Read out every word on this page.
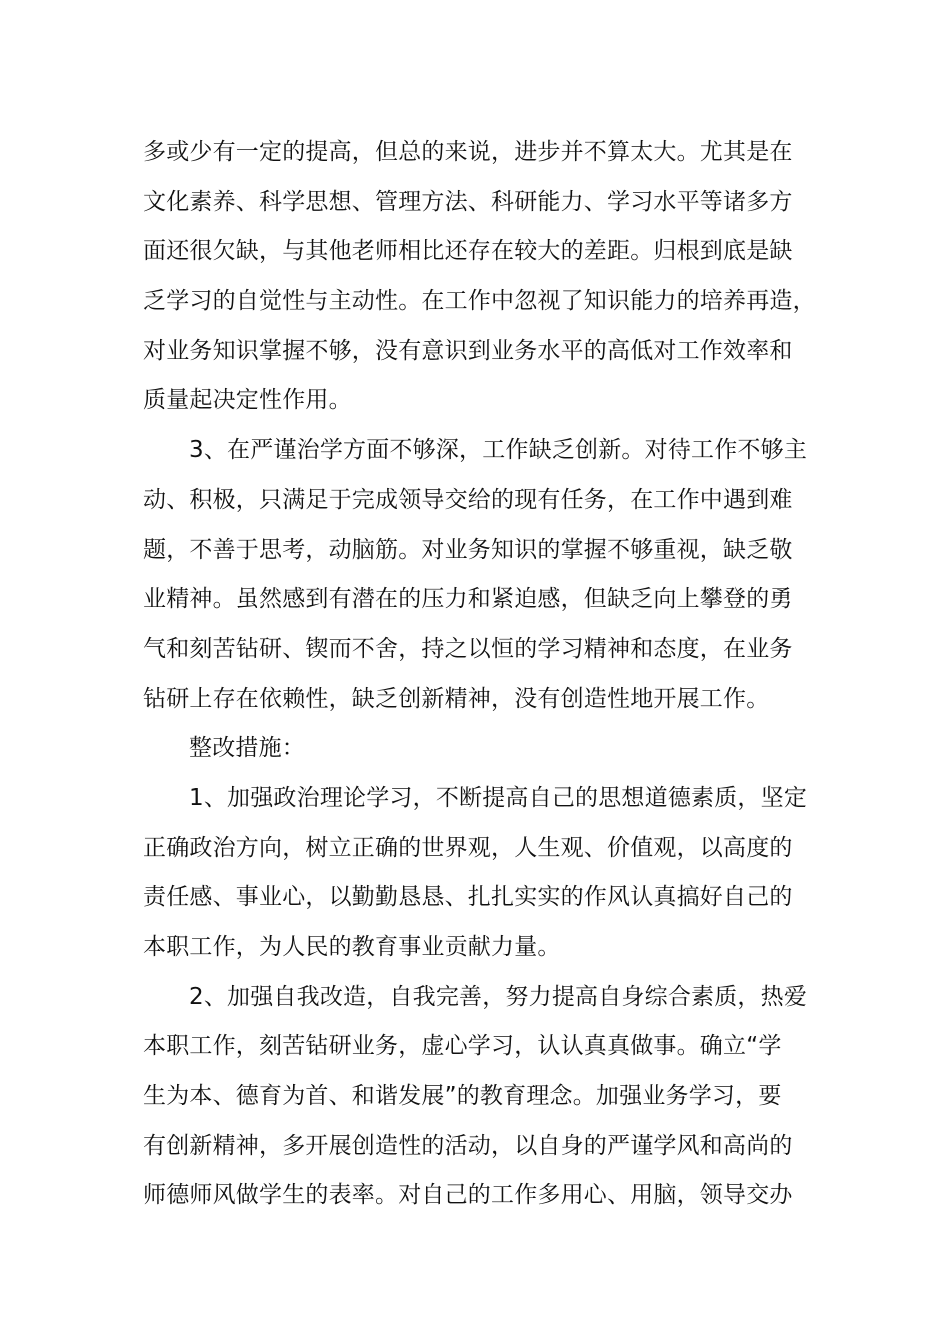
多或少有一定的提高，但总的来说，进步并不算太大。尤其是在
文化素养、科学思想、管理方法、科研能力、学习水平等诸多方
面还很欠缺，与其他老师相比还存在较大的差距。归根到底是缺
乏学习的自觉性与主动性。在工作中忽视了知识能力的培养再造，
对业务知识掌握不够，没有意识到业务水平的高低对工作效率和
质量起决定性作用。
3、在严谨治学方面不够深，工作缺乏创新。对待工作不够主
动、积极，只满足于完成领导交给的现有任务，在工作中遇到难
题，不善于思考，动脑筋。对业务知识的掌握不够重视，缺乏敬
业精神。虽然感到有潜在的压力和紧迫感，但缺乏向上攀登的勇
气和刻苦钻研、锲而不舍，持之以恒的学习精神和态度，在业务
钻研上存在依赖性，缺乏创新精神，没有创造性地开展工作。
整改措施：
1、加强政治理论学习，不断提高自己的思想道德素质，坚定
正确政治方向，树立正确的世界观，人生观、价值观，以高度的
责任感、事业心，以勤勤恳恳、扎扎实实的作风认真搞好自己的
本职工作，为人民的教育事业贡献力量。
2、加强自我改造，自我完善，努力提高自身综合素质，热爱
本职工作，刻苦钻研业务，虚心学习，认认真真做事。确立“学
生为本、德育为首、和谐发展”的教育理念。加强业务学习，要
有创新精神，多开展创造性的活动，以自身的严谨学风和高尚的
师德师风做学生的表率。对自己的工作多用心、用脑，领导交办
